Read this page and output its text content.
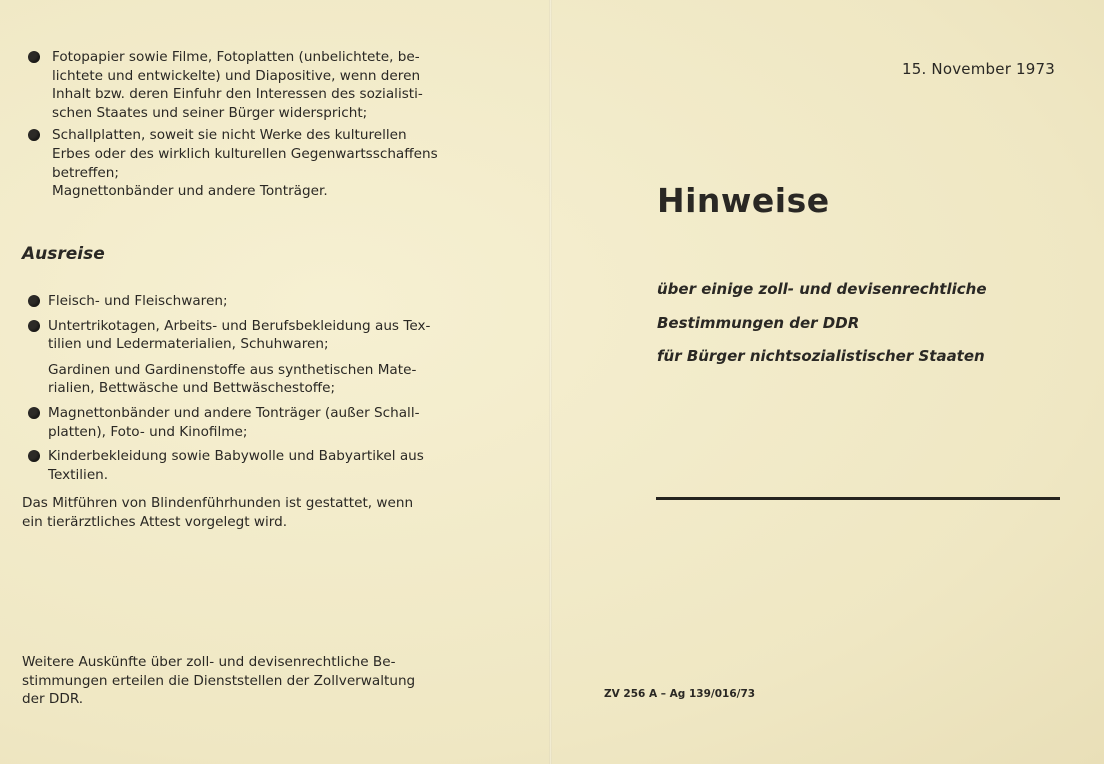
Fotopapier sowie Filme, Fotoplatten (unbelichtete, be-
lichtete und entwickelte) und Diapositive, wenn deren
Inhalt bzw. deren Einfuhr den Interessen des sozialisti-
schen Staates und seiner Bürger widerspricht;
Schallplatten, soweit sie nicht Werke des kulturellen
Erbes oder des wirklich kulturellen Gegenwartsschaffens
betreffen;
Magnettonbänder und andere Tonträger.
Ausreise
Fleisch- und Fleischwaren;
Untertrikotagen, Arbeits- und Berufsbekleidung aus Tex-
tilien und Ledermaterialien, Schuhwaren;
Gardinen und Gardinenstoffe aus synthetischen Mate-
rialien, Bettwäsche und Bettwäschestoffe;
Magnettonbänder und andere Tonträger (außer Schall-
platten), Foto- und Kinofilme;
Kinderbekleidung sowie Babywolle und Babyartikel aus
Textilien.
Das Mitführen von Blindenführhunden ist gestattet, wenn
ein tierärztliches Attest vorgelegt wird.
Weitere Auskünfte über zoll- und devisenrechtliche Be-
stimmungen erteilen die Dienststellen der Zollverwaltung
der DDR.
15. November 1973
Hinweise
über einige zoll- und devisenrechtliche
Bestimmungen der DDR
für Bürger nichtsozialistischer Staaten
ZV 256 A – Ag 139/016/73
